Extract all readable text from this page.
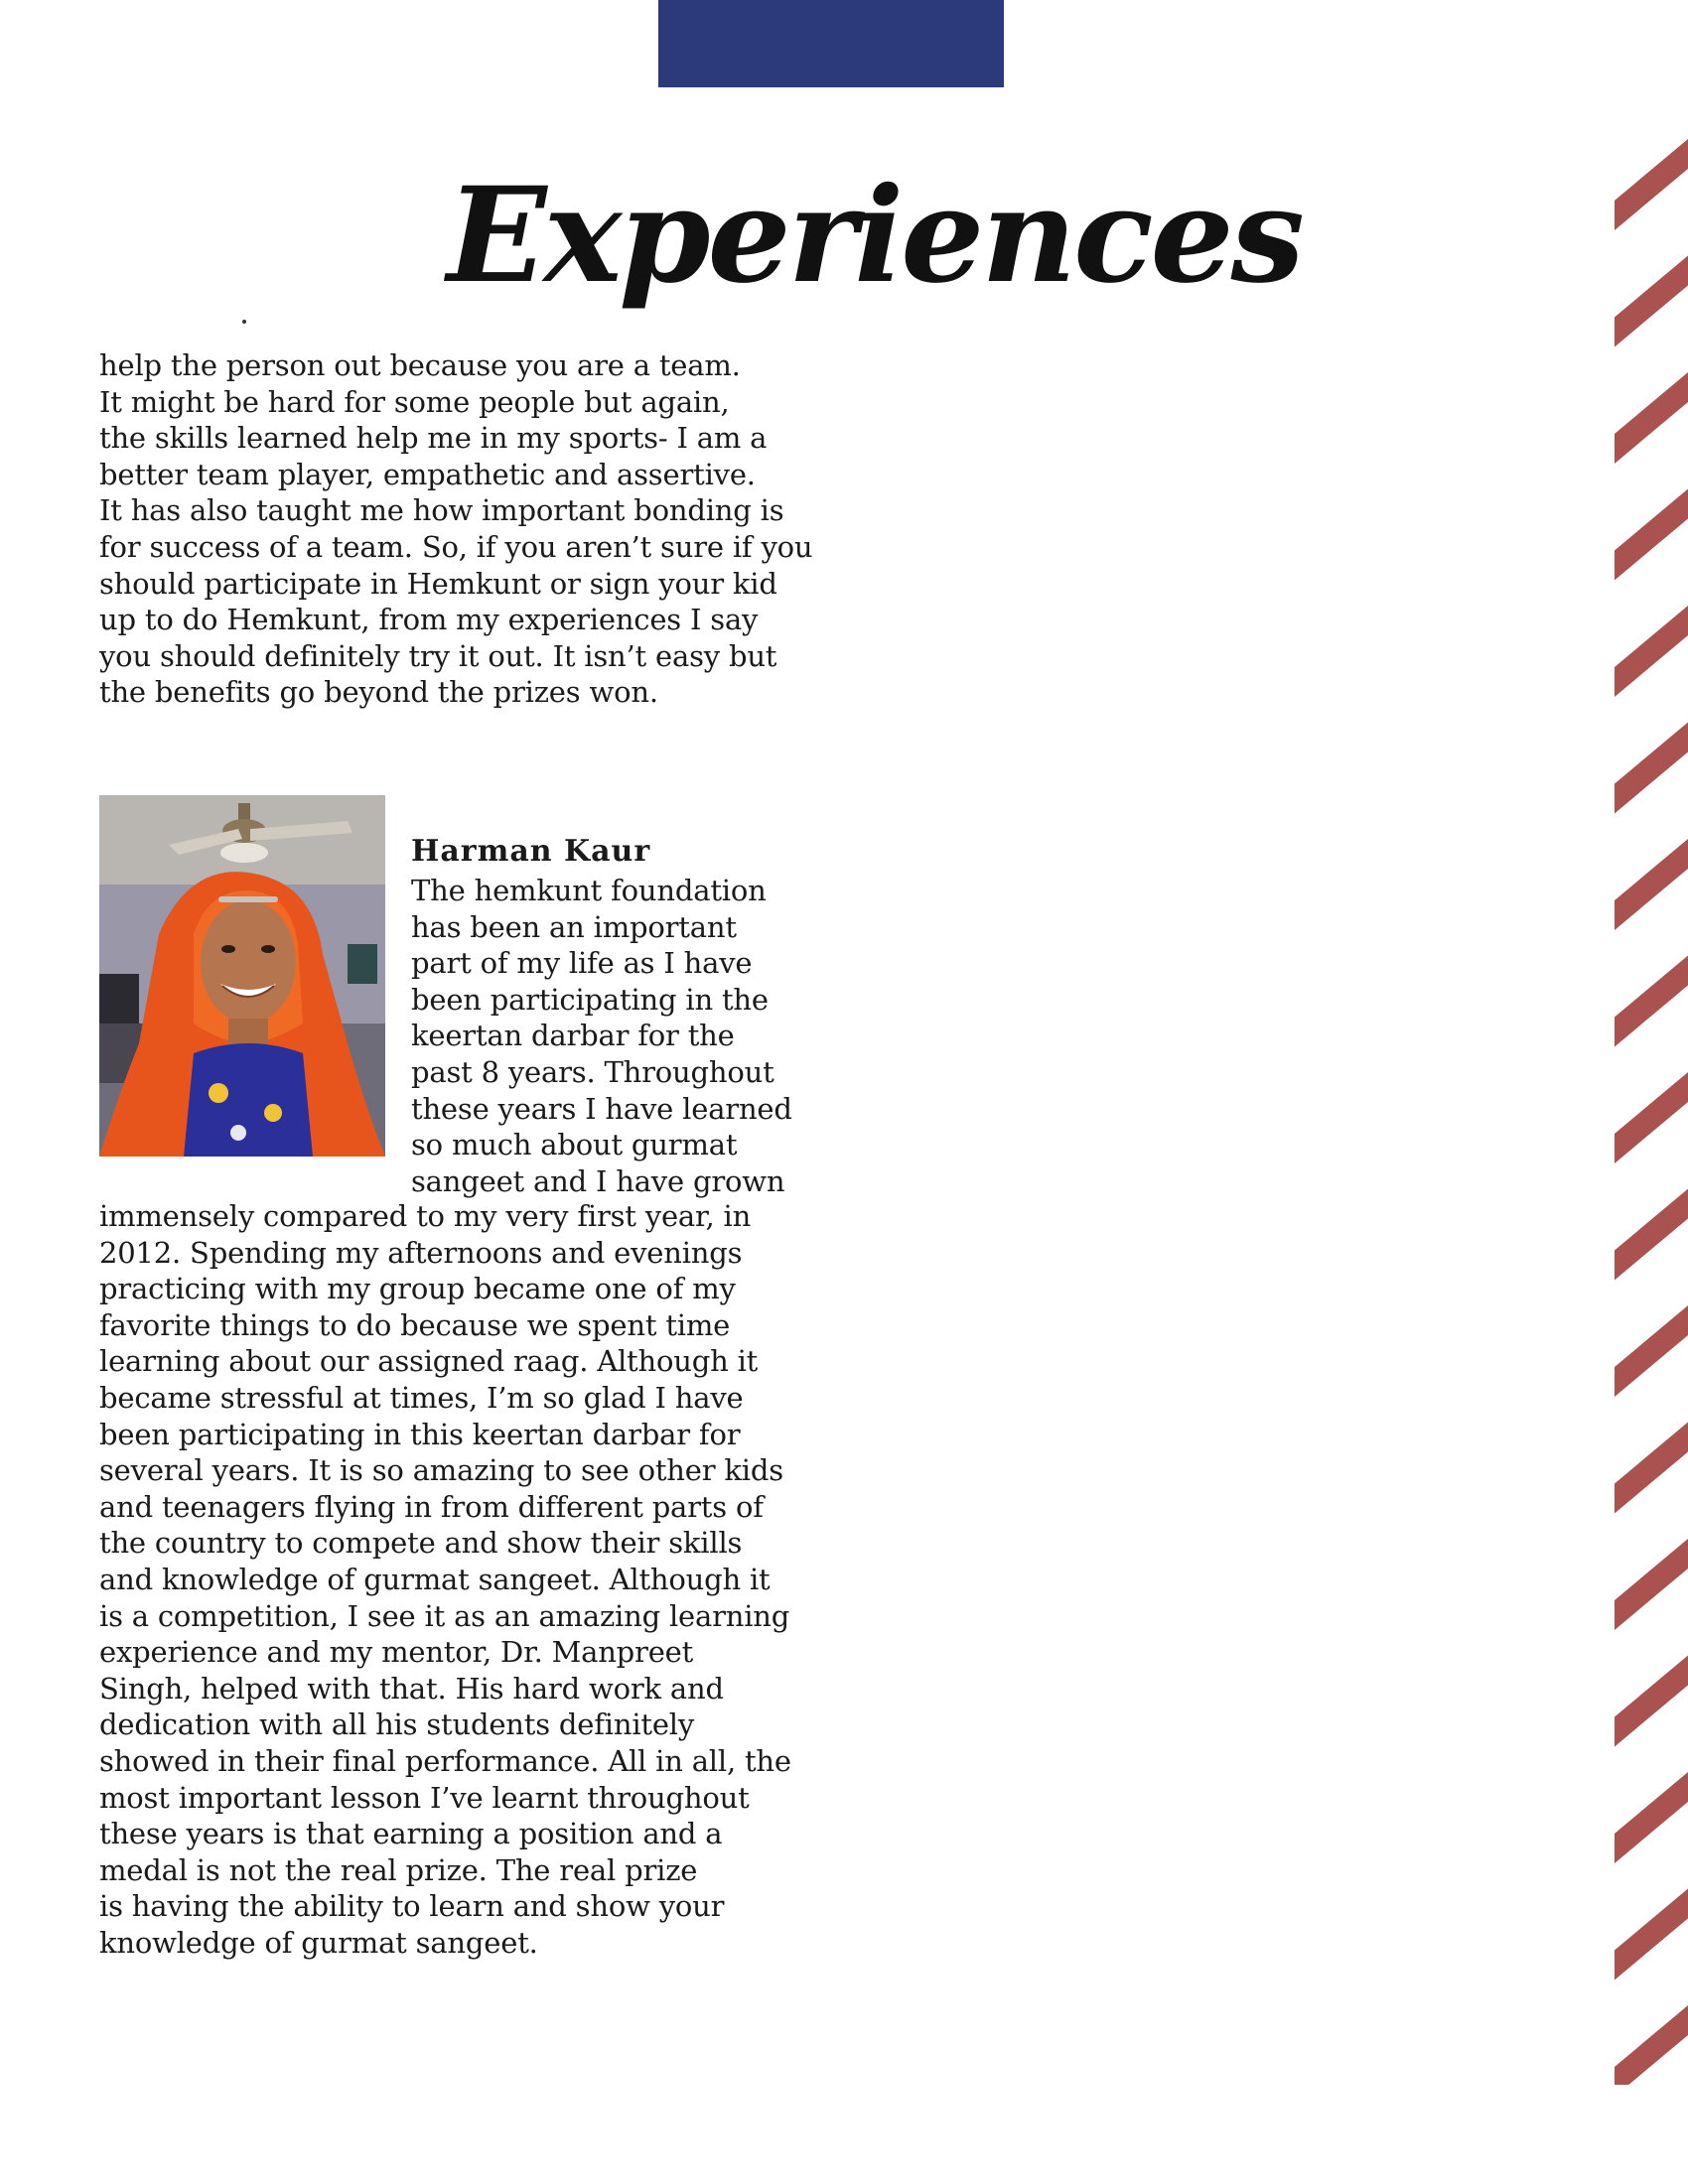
Experiences

help the person out because you are a team.
It might be hard for some people but again,
the skills learned help me in my sports- I am a
better team player, empathetic and assertive.
It has also taught me how important bonding is
for success of a team. So, if you aren’t sure if you
should participate in Hemkunt or sign your kid
up to do Hemkunt, from my experiences I say
you should definitely try it out. It isn’t easy but
the benefits go beyond the prizes won.

Harman Kaur

The hemkunt foundation
has been an important
part of my life as I have
been participating in the
keertan darbar for the
past 8 years. Throughout
these years I have learned
so much about gurmat
sangeet and I have grown

immensely compared to my very first year, in
2012. Spending my afternoons and evenings
practicing with my group became one of my
favorite things to do because we spent time
learning about our assigned raag. Although it
became stressful at times, I’m so glad I have
been participating in this keertan darbar for
several years. It is so amazing to see other kids
and teenagers flying in from different parts of
the country to compete and show their skills
and knowledge of gurmat sangeet. Although it
is a competition, I see it as an amazing learning
experience and my mentor, Dr. Manpreet
Singh, helped with that. His hard work and
dedication with all his students definitely
showed in their final performance. All in all, the
most important lesson I’ve learnt throughout
these years is that earning a position and a
medal is not the real prize. The real prize
is having the ability to learn and show your
knowledge of gurmat sangeet.
